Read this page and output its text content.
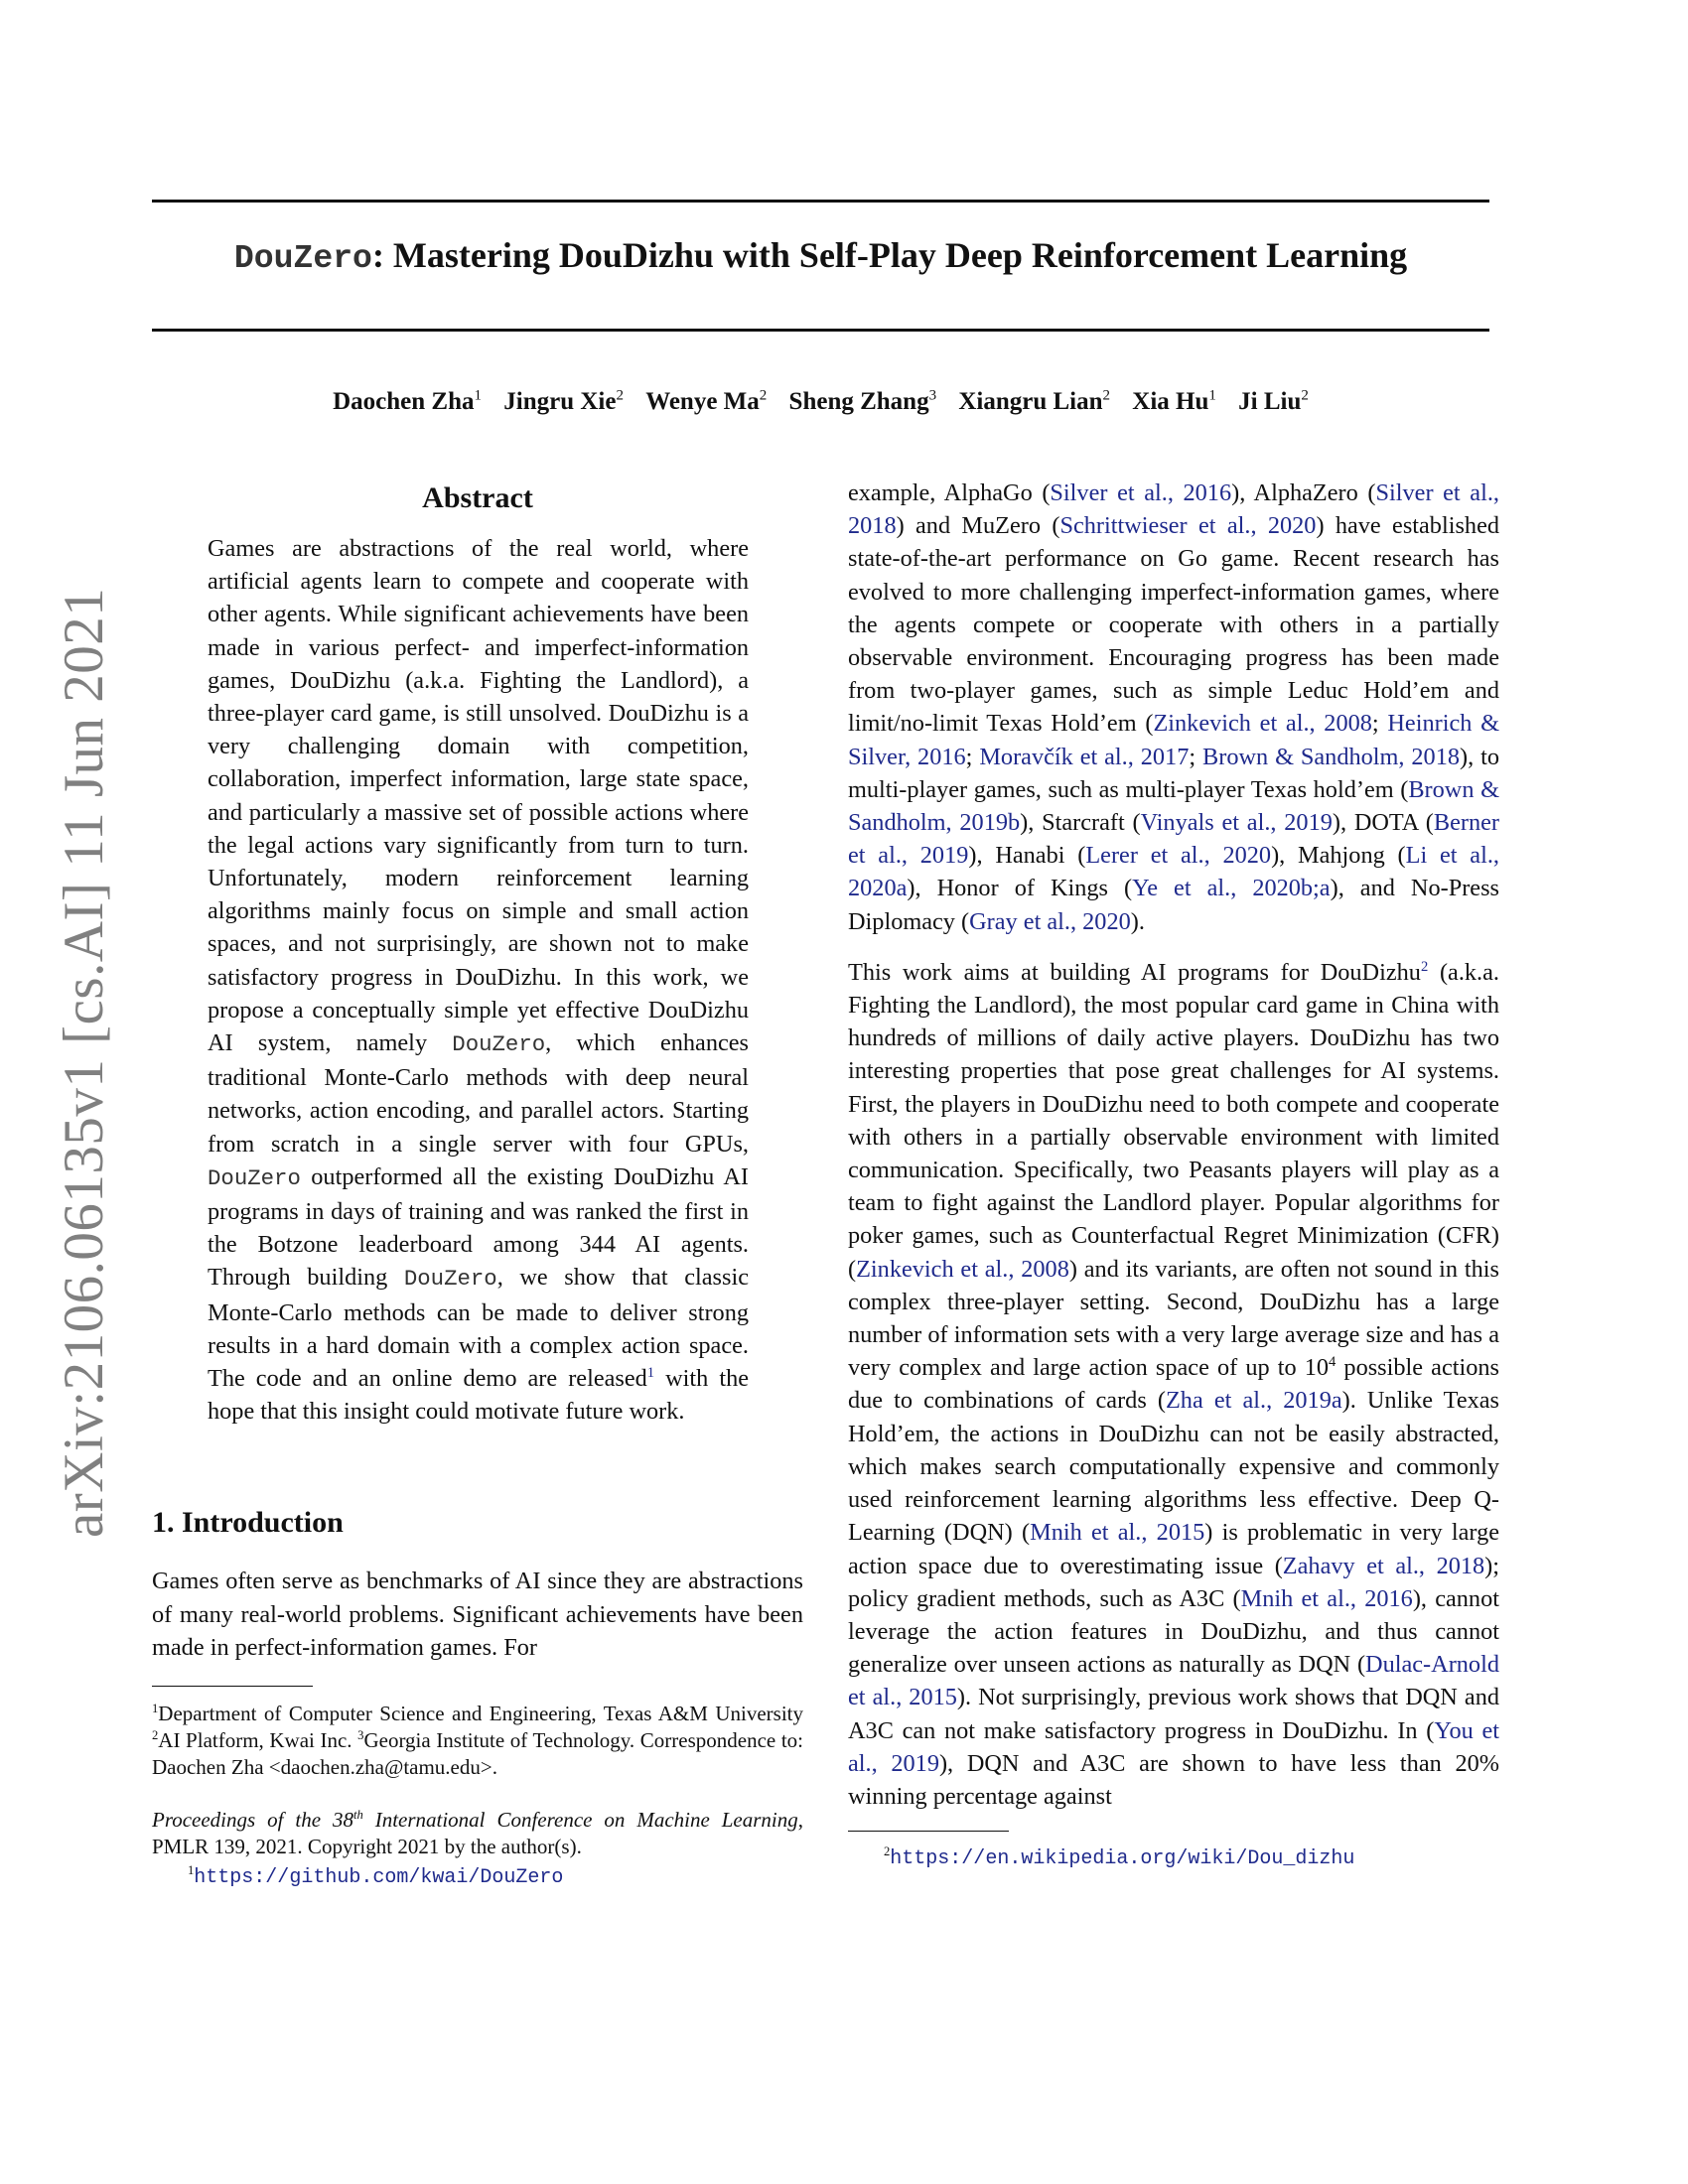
arXiv:2106.06135v1 [cs.AI] 11 Jun 2021
DouZero: Mastering DouDizhu with Self-Play Deep Reinforcement Learning
Daochen Zha$^1$ Jingru Xie$^2$ Wenye Ma$^2$ Sheng Zhang$^3$ Xiangru Lian$^2$ Xia Hu$^1$ Ji Liu$^2$
Abstract

Games are abstractions of the real world, where artificial agents learn to compete and cooperate with other agents. While significant achievements have been made in various perfect- and imperfect-information games, DouDizhu (a.k.a. Fighting the Landlord), a three-player card game, is still unsolved. DouDizhu is a very challenging domain with competition, collaboration, imperfect information, large state space, and particularly a massive set of possible actions where the legal actions vary significantly from turn to turn. Unfortunately, modern reinforcement learning algorithms mainly focus on simple and small action spaces, and not surprisingly, are shown not to make satisfactory progress in DouDizhu. In this work, we propose a conceptually simple yet effective DouDizhu AI system, namely DouZero, which enhances traditional Monte-Carlo methods with deep neural networks, action encoding, and parallel actors. Starting from scratch in a single server with four GPUs, DouZero outperformed all the existing DouDizhu AI programs in days of training and was ranked the first in the Botzone leaderboard among 344 AI agents. Through building DouZero, we show that classic Monte-Carlo methods can be made to deliver strong results in a hard domain with a complex action space. The code and an online demo are released$^1$ with the hope that this insight could motivate future work.

1. Introduction

Games often serve as benchmarks of AI since they are abstractions of many real-world problems. Significant achievements have been made in perfect-information games. For

$^1$Department of Computer Science and Engineering, Texas A&M University $^2$AI Platform, Kwai Inc. $^3$Georgia Institute of Technology. Correspondence to: Daochen Zha <daochen.zha@tamu.edu>.

Proceedings of the 38th International Conference on Machine Learning, PMLR 139, 2021. Copyright 2021 by the author(s).

$^1$https://github.com/kwai/DouZero

example, AlphaGo (Silver et al., 2016), AlphaZero (Silver et al., 2018) and MuZero (Schrittwieser et al., 2020) have established state-of-the-art performance on Go game. Recent research has evolved to more challenging imperfect-information games, where the agents compete or cooperate with others in a partially observable environment. Encouraging progress has been made from two-player games, such as simple Leduc Hold’em and limit/no-limit Texas Hold’em (Zinkevich et al., 2008; Heinrich & Silver, 2016; Moravčík et al., 2017; Brown & Sandholm, 2018), to multi-player games, such as multi-player Texas hold’em (Brown & Sandholm, 2019b), Starcraft (Vinyals et al., 2019), DOTA (Berner et al., 2019), Hanabi (Lerer et al., 2020), Mahjong (Li et al., 2020a), Honor of Kings (Ye et al., 2020b;a), and No-Press Diplomacy (Gray et al., 2020).

This work aims at building AI programs for DouDizhu$^2$ (a.k.a. Fighting the Landlord), the most popular card game in China with hundreds of millions of daily active players. DouDizhu has two interesting properties that pose great challenges for AI systems. First, the players in DouDizhu need to both compete and cooperate with others in a partially observable environment with limited communication. Specifically, two Peasants players will play as a team to fight against the Landlord player. Popular algorithms for poker games, such as Counterfactual Regret Minimization (CFR) (Zinkevich et al., 2008) and its variants, are often not sound in this complex three-player setting. Second, DouDizhu has a large number of information sets with a very large average size and has a very complex and large action space of up to $10^4$ possible actions due to combinations of cards (Zha et al., 2019a). Unlike Texas Hold’em, the actions in DouDizhu can not be easily abstracted, which makes search computationally expensive and commonly used reinforcement learning algorithms less effective. Deep Q-Learning (DQN) (Mnih et al., 2015) is problematic in very large action space due to overestimating issue (Zahavy et al., 2018); policy gradient methods, such as A3C (Mnih et al., 2016), cannot leverage the action features in DouDizhu, and thus cannot generalize over unseen actions as naturally as DQN (Dulac-Arnold et al., 2015). Not surprisingly, previous work shows that DQN and A3C can not make satisfactory progress in DouDizhu. In (You et al., 2019), DQN and A3C are shown to have less than 20% winning percentage against

$^2$https://en.wikipedia.org/wiki/Dou_dizhu
